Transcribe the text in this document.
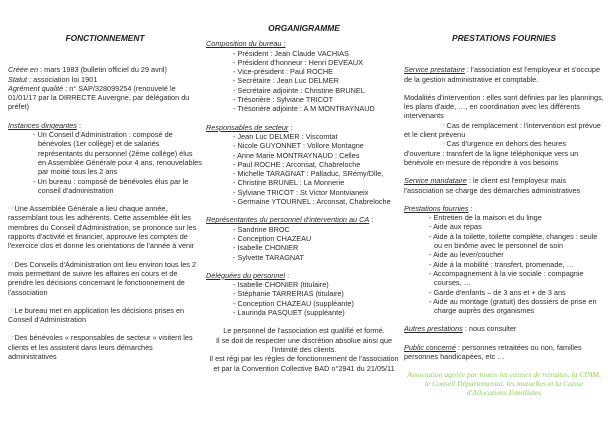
FONCTIONNEMENT

Créée en : mars 1983 (bulletin officiel du 29 avril)

Statut : association loi 1901

Agrément qualité : n° SAP/328099254 (renouvelé le 01/01/17 par la DIRRECTE Auvergne, par délégation du préfet)

Instances dirigeantes :

- Un Conseil d'Administration : composé de bénévoles (1er collège) et de salariés représentants du personnel (2ème collège) élus en Assemblée Générale pour 4 ans, renouvelables par moitié tous les 2 ans
- Un bureau : composé de bénévoles élus par le conseil d'administration

☞Une Assemblée Générale a lieu chaque année, rassemblant tous les adhérents. Cette assemblée élit les membres du Conseil d'Administration, se prononce sur les rapports d'activité et financier, approuve les comptes de l'exercice clos et donne les orientations de l'année à venir

☞Des Conseils d'Administration ont lieu environ tous les 2 mois permettant de suivre les affaires en cours et de prendre les décisions concernant le fonctionnement de l'association

☞Le bureau met en application les décisions prises en Conseil d'Administration

☞Des bénévoles « responsables de secteur » visitent les clients et les assistent dans leurs démarches administratives

ORGANIGRAMME

Composition du bureau :

- Président : Jean Claude VACHIAS
- Président d'honneur : Henri DEVEAUX
- Vice-président : Paul ROCHE
- Secrétaire : Jean Luc DELMER
- Secrétaire adjointe : Christine BRUNEL
- Trésorière : Sylviane TRICOT
- Trésorière adjointe : A M MONTRAYNAUD

Responsables de secteur :

- Jean Luc DELMER : Viscomtat
- Nicole GUYONNET : Vollore Montagne
- Anne Marie MONTRAYNAUD : Celles
- Paul ROCHE : Arconsat, Chabreloche
- Michelle TARAGNAT : Palladuc, SRémy/Dlle,
- Christine BRUNEL : La Monnerie
- Sylviane TRICOT : St Victor Montvianeix
- Germaine YTOURNEL : Arconsat, Chabreloche

Représentantes du personnel d'intervention au CA :

- Sandrine BROC
- Conception CHAZEAU
- Isabelle CHONIER
- Sylvette TARAGNAT

Déléguées du personnel :

- Isabelle CHONIER (titulaire)
- Stéphanie TARRERIAS (titulaire)
- Conception CHAZEAU (suppléante)
- Laurinda PASQUET (suppléante)

Le personnel de l'association est qualifié et formé.

Il se doit de respecter une discrétion absolue ainsi que l'intimité des clients.

Il est régi par les règles de fonctionnement de l'association et par la Convention Collective BAD n°2941 du 21/05/11

PRESTATIONS FOURNIES

Service prestataire : l'association est l'employeur et s'occupe de la gestion administrative et comptable.

Modalités d'intervention : elles sont définies par les plannings, les plans d'aide, …, en coordination avec les différents intervenants

☞Cas de remplacement : l'intervention est prévue et le client prévenu

☞Cas d'urgence en dehors des heures d'ouverture : transfert de la ligne téléphonique vers un bénévole en mesure de répondre à vos besoins

Service mandataire : le client est l'employeur mais l'association se charge des démarches administratives

Prestations fournies :

- Entretien de la maison et du linge
- Aide aux repas
- Aide à la toilette, toilette complète, changes : seule ou en binôme avec le personnel de soin
- Aide au lever/coucher
- Aide à la mobilité : transfert, promenade, …
- Accompagnement à la vie sociale : compagnie courses, …
- Garde d'enfants – de 3 ans et + de 3 ans
- Aide au montage (gratuit) des dossiers de prise en charge auprès des organismes

Autres prestations : nous consulter

Public concerné : personnes retraitées ou non, familles personnes handicapées, etc …

Association agréée par toutes les caisses de retraites, la CPAM, le Conseil Départemental, les mutuelles et la Caisse d'Allocations Familiales
